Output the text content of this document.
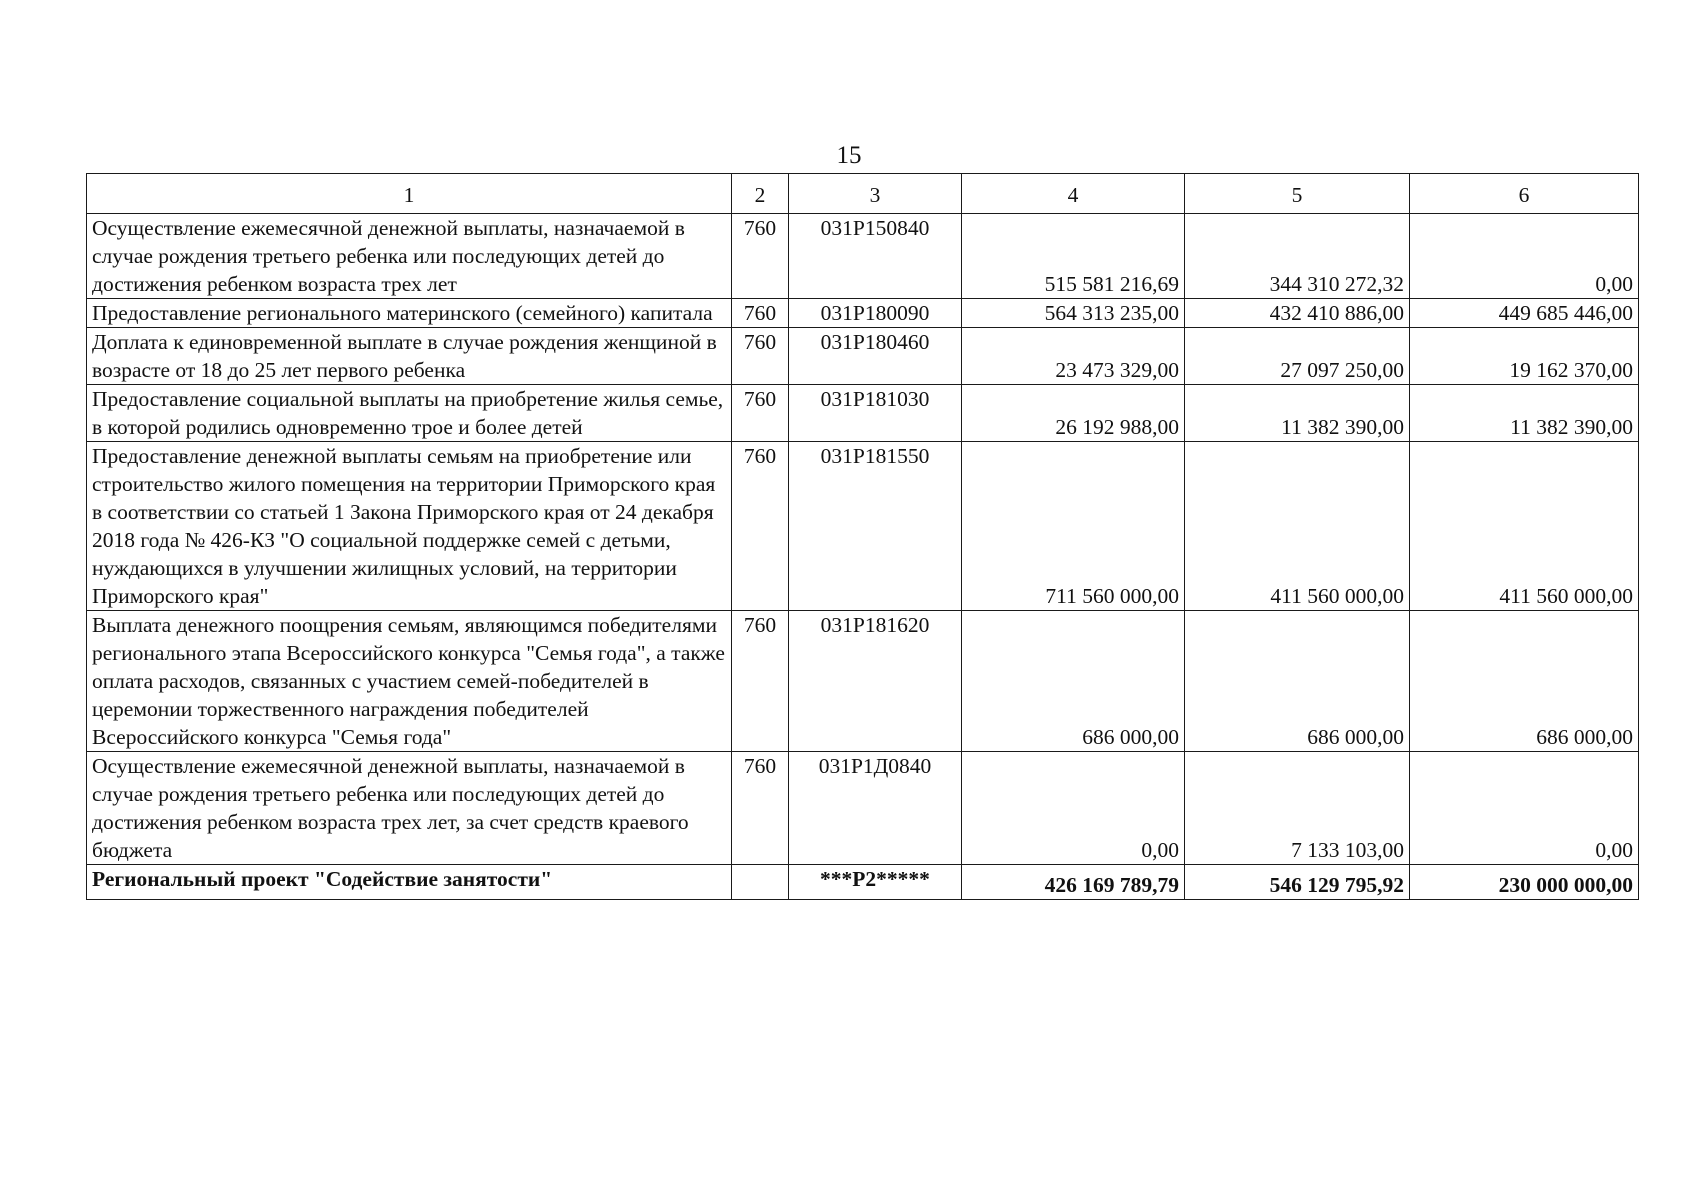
15
1	2	3	4	5	6
Осуществление ежемесячной денежной выплаты, назначаемой в случае рождения третьего ребенка или последующих детей до достижения ребенком возраста трех лет	760	031P150840	515 581 216,69	344 310 272,32	0,00
Предоставление регионального материнского (семейного) капитала	760	031P180090	564 313 235,00	432 410 886,00	449 685 446,00
Доплата к единовременной выплате в случае рождения женщиной в возрасте от 18 до 25 лет первого ребенка	760	031P180460	23 473 329,00	27 097 250,00	19 162 370,00
Предоставление социальной выплаты на приобретение жилья семье, в которой родились одновременно трое и более детей	760	031P181030	26 192 988,00	11 382 390,00	11 382 390,00
Предоставление денежной выплаты семьям на приобретение или строительство жилого помещения на территории Приморского края в соответствии со статьей 1 Закона Приморского края от 24 декабря 2018 года № 426-КЗ "О социальной поддержке семей с детьми, нуждающихся в улучшении жилищных условий, на территории Приморского края"	760	031P181550	711 560 000,00	411 560 000,00	411 560 000,00
Выплата денежного поощрения семьям, являющимся победителями регионального этапа Всероссийского конкурса "Семья года", а также оплата расходов, связанных с участием семей-победителей в церемонии торжественного награждения победителей Всероссийского конкурса "Семья года"	760	031P181620	686 000,00	686 000,00	686 000,00
Осуществление ежемесячной денежной выплаты, назначаемой в случае рождения третьего ребенка или последующих детей до достижения ребенком возраста трех лет, за счет средств краевого бюджета	760	031P1Д0840	0,00	7 133 103,00	0,00
Региональный проект "Содействие занятости"		***P2*****	426 169 789,79	546 129 795,92	230 000 000,00
